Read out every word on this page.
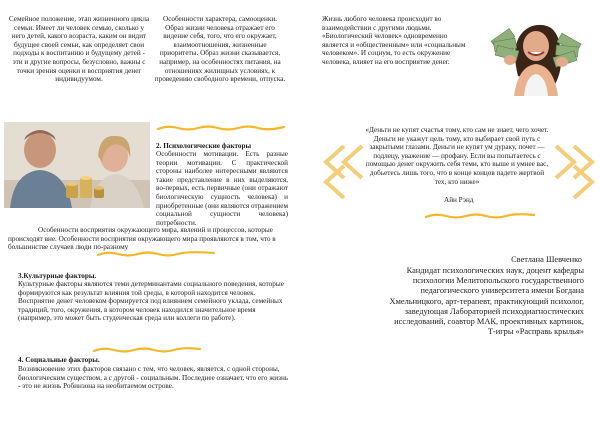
Семейное положение, этап жизненного цикла семьи. Имеет ли человек семью, сколько у него детей, какого возраста, каким он видит будущее своей семьи, как определяет свои подходы к воспитанию и будущему детей - эти и другие вопросы, безусловно, важны с точки зрения оценки и восприятия денег индивидуумом.
Особенности характера, самооценки. Образ жизни человека отражает его видение себя, того, что его окружает, взаимоотношения, жизненные приоритеты. Образ жизни сказывается, например, на особенностях питания, на отношениях жилищных условиях, к проведению свободного времени, отпуска.
2. Психологические факторы
Особенности мотивации. Есть разные теории мотивации. С практической стороны наиболее интересными являются такие представление в них выделяются, во-первых, есть первичные (они отражают биологическую сущность человека) и приобретенные (они являются отражением социальной сущности человека) потребности.
Особенности восприятия окружающего мира, явлений и процессов, которые происходят вне. Особенности восприятия окружающего мира проявляются в том, что в большинстве случаев люди по-разному
3.Культурные факторы.
Культурные факторы являются теми детерминантами социального поведения, которые формируются как результат влияния той среды, в которой находится человек. Восприятие денег человеком формируется под влиянием семейного уклада, семейных традиций, того, окружения, в котором человек находился значительное время (например, это может быть студенческая среда или коллеги по работе).
4. Социальные факторы.
Возникновение этих факторов связано с тем, что человек, является, с одной стороны, биологическим существом, а с другой - социальным. Последнее означает, что его жизнь - это не жизнь Робинзона на необитаемом острове.
Жизнь любого человека происходит во взаимодействии с другими людьми. «Биологический человек» одновременно является и «общественным» или «социальным человеком». И социум, то есть окружение человека, влияет на его восприятие денег.
«Деньги не купят счастья тому, кто сам не знает, чего хочет. Деньги не укажут цель тому, кто выбирает свой путь с закрытыми глазами. Деньги не купят ум дураку, почет — подлецу, уважение — профану. Если вы попытаетесь с помощью денег окружить себя теми, кто выше и умнее вас, добьетесь лишь того, что в конце концов падете жертвой тех, кто ниже»
Айн Рэнд
Светлана Шевченко
Кандидат психологических наук, доцент кафедры психологии Мелитопольского государственного педагогического университета имени Богдана Хмельницкого, арт-терапевт, практикующий психолог, заведующая Лабораторией психодиагностических исследований, соавтор МАК, проективных картинок, Т-игры «Расправь крылья»
